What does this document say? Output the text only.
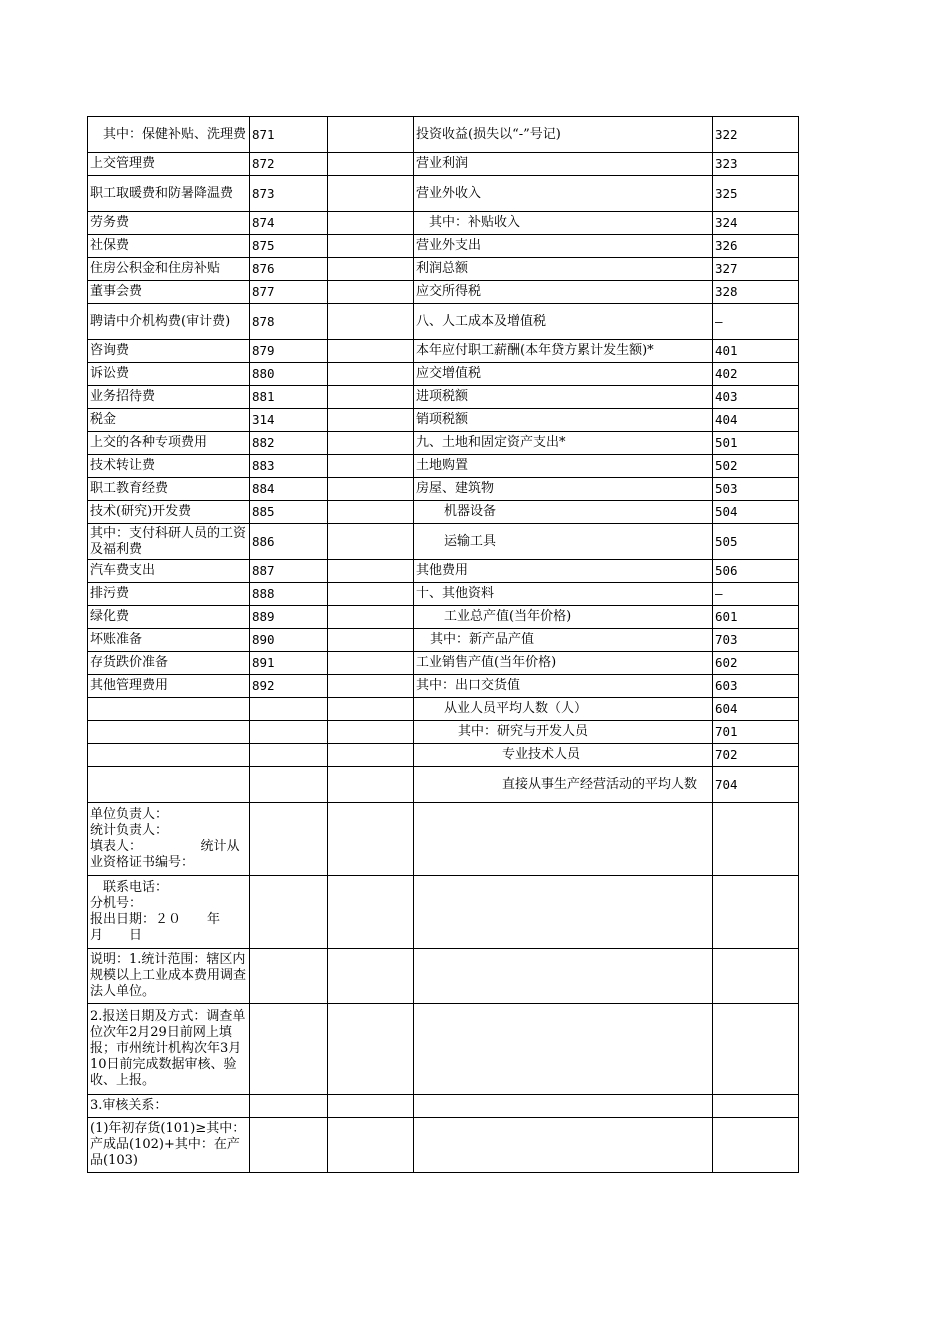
　其中：保健补贴、洗理费	871		投资收益(损失以“-”号记)	322
上交管理费	872		营业利润	323
职工取暖费和防暑降温费	873		营业外收入	325
劳务费	874		　其中：补贴收入	324
社保费	875		营业外支出	326
住房公积金和住房补贴	876		利润总额	327
董事会费	877		应交所得税	328
聘请中介机构费(审计费)	878		八、人工成本及增值税	—
咨询费	879		本年应付职工薪酬(本年贷方累计发生额)*	401
诉讼费	880		应交增值税	402
业务招待费	881		进项税额	403
税金	314		销项税额	404
上交的各种专项费用	882		九、土地和固定资产支出*	501
技术转让费	883		土地购置	502
职工教育经费	884		房屋、建筑物	503
技术(研究)开发费	885		机器设备	504
其中：支付科研人员的工资及福利费	886		运输工具	505
汽车费支出	887		其他费用	506
排污费	888		十、其他资料	—
绿化费	889		工业总产值(当年价格)	601
坏账准备	890		其中：新产品产值	703
存货跌价准备	891		工业销售产值(当年价格)	602
其他管理费用	892		其中：出口交货值	603
			从业人员平均人数（人）	604
			其中：研究与开发人员	701
			专业技术人员	702
			直接从事生产经营活动的平均人数	704
单位负责人：
统计负责人：
填表人：　　　　　统计从业资格证书编号：				
　联系电话：
分机号：
报出日期：２０　　年　　月　　日				
说明：1.统计范围：辖区内规模以上工业成本费用调查法人单位。				
2.报送日期及方式：调查单位次年2月29日前网上填报；市州统计机构次年3月10日前完成数据审核、验收、上报。				
3.审核关系：				
(1)年初存货(101)≥其中：产成品(102)+其中：在产品(103)				
